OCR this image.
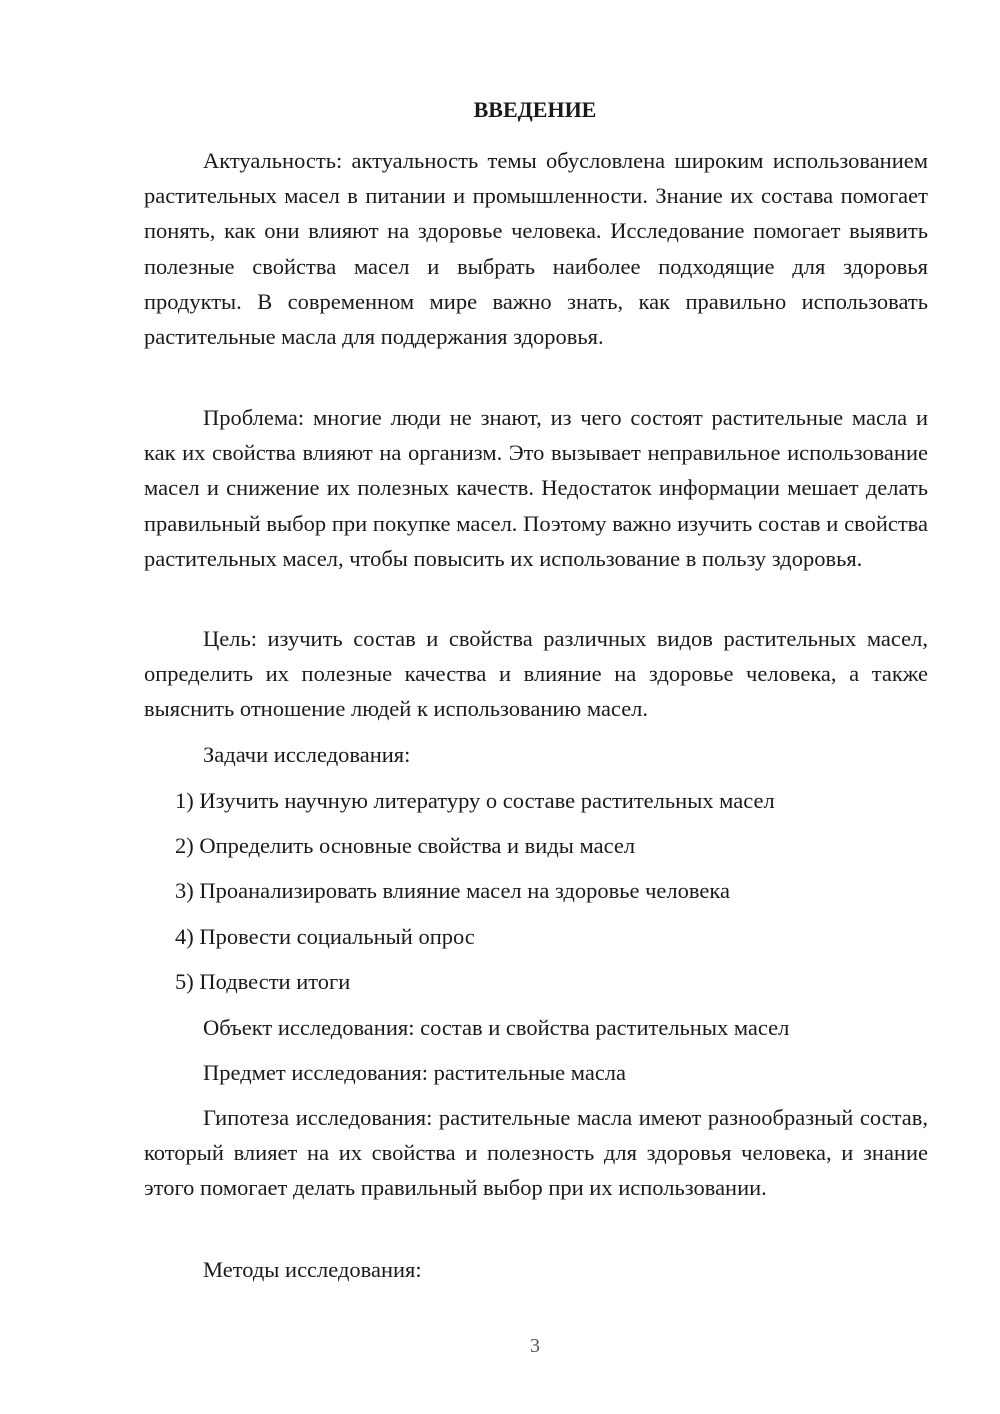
ВВЕДЕНИЕ

Актуальность: актуальность темы обусловлена широким использованием растительных масел в питании и промышленности. Знание их состава помогает понять, как они влияют на здоровье человека. Исследование помогает выявить полезные свойства масел и выбрать наиболее подходящие для здоровья продукты. В современном мире важно знать, как правильно использовать растительные масла для поддержания здоровья.

Проблема: многие люди не знают, из чего состоят растительные масла и как их свойства влияют на организм. Это вызывает неправильное использование масел и снижение их полезных качеств. Недостаток информации мешает делать правильный выбор при покупке масел. Поэтому важно изучить состав и свойства растительных масел, чтобы повысить их использование в пользу здоровья.

Цель: изучить состав и свойства различных видов растительных масел, определить их полезные качества и влияние на здоровье человека, а также выяснить отношение людей к использованию масел.

Задачи исследования:

1) Изучить научную литературу о составе растительных масел

2) Определить основные свойства и виды масел

3) Проанализировать влияние масел на здоровье человека

4) Провести социальный опрос

5) Подвести итоги

Объект исследования: состав и свойства растительных масел

Предмет исследования: растительные масла

Гипотеза исследования: растительные масла имеют разнообразный состав, который влияет на их свойства и полезность для здоровья человека, и знание этого помогает делать правильный выбор при их использовании.

Методы исследования:

3
